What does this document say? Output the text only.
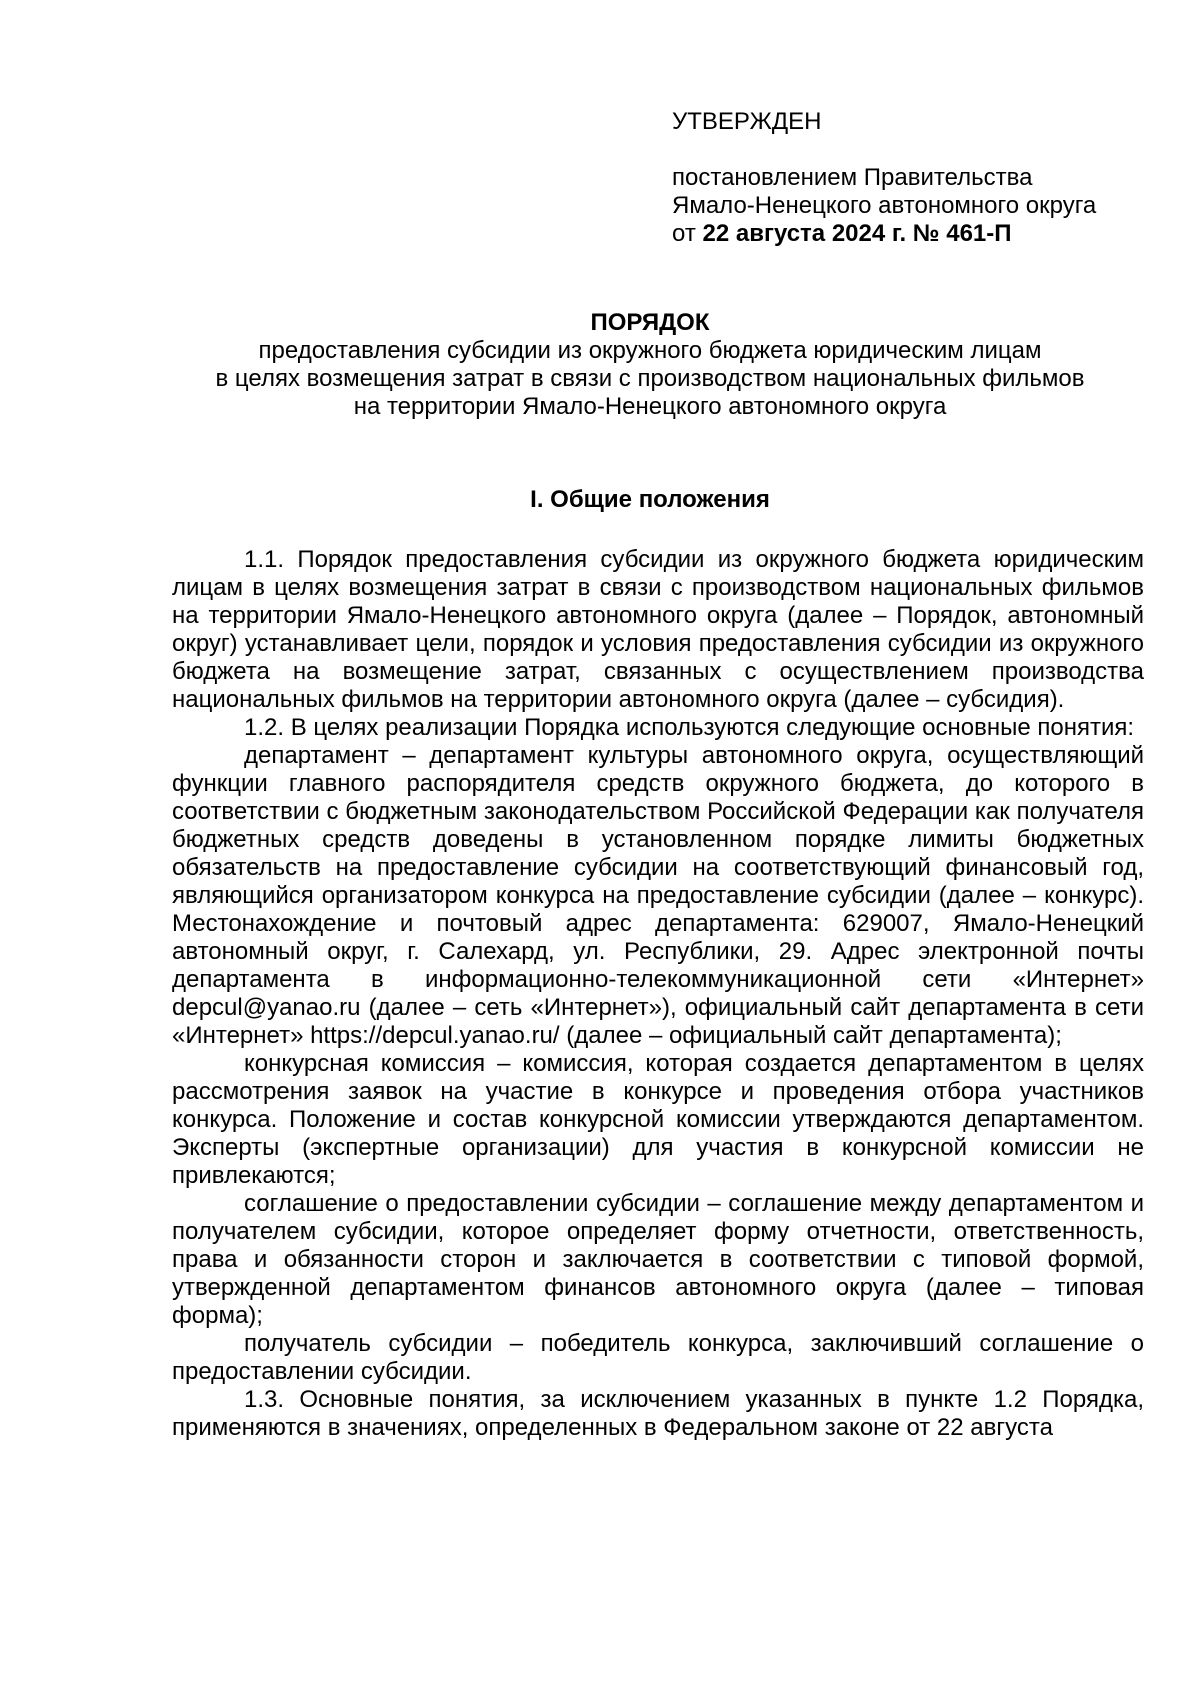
УТВЕРЖДЕН
постановлением Правительства
Ямало-Ненецкого автономного округа
от 22 августа 2024 г. № 461-П
ПОРЯДОК
предоставления субсидии из окружного бюджета юридическим лицам
в целях возмещения затрат в связи с производством национальных фильмов
на территории Ямало-Ненецкого автономного округа
I. Общие положения

1.1. Порядок предоставления субсидии из окружного бюджета юридическим лицам в целях возмещения затрат в связи с производством национальных фильмов на территории Ямало-Ненецкого автономного округа (далее – Порядок, автономный округ) устанавливает цели, порядок и условия предоставления субсидии из окружного бюджета на возмещение затрат, связанных с осуществлением производства национальных фильмов на территории автономного округа (далее – субсидия).

1.2. В целях реализации Порядка используются следующие основные понятия:

департамент – департамент культуры автономного округа, осуществляющий функции главного распорядителя средств окружного бюджета, до которого в соответствии с бюджетным законодательством Российской Федерации как получателя бюджетных средств доведены в установленном порядке лимиты бюджетных обязательств на предоставление субсидии на соответствующий финансовый год, являющийся организатором конкурса на предоставление субсидии (далее – конкурс). Местонахождение и почтовый адрес департамента: 629007, Ямало-Ненецкий автономный округ, г. Салехард, ул. Республики, 29. Адрес электронной почты департамента в информационно-телекоммуникационной сети «Интернет» depcul@yanao.ru (далее – сеть «Интернет»), официальный сайт департамента в сети «Интернет» https://depcul.yanao.ru/ (далее – официальный сайт департамента);

конкурсная комиссия – комиссия, которая создается департаментом в целях рассмотрения заявок на участие в конкурсе и проведения отбора участников конкурса. Положение и состав конкурсной комиссии утверждаются департаментом. Эксперты (экспертные организации) для участия в конкурсной комиссии не привлекаются;

соглашение о предоставлении субсидии – соглашение между департаментом и получателем субсидии, которое определяет форму отчетности, ответственность, права и обязанности сторон и заключается в соответствии с типовой формой, утвержденной департаментом финансов автономного округа (далее – типовая форма);

получатель субсидии – победитель конкурса, заключивший соглашение о предоставлении субсидии.

1.3. Основные понятия, за исключением указанных в пункте 1.2 Порядка, применяются в значениях, определенных в Федеральном законе от 22 августа
